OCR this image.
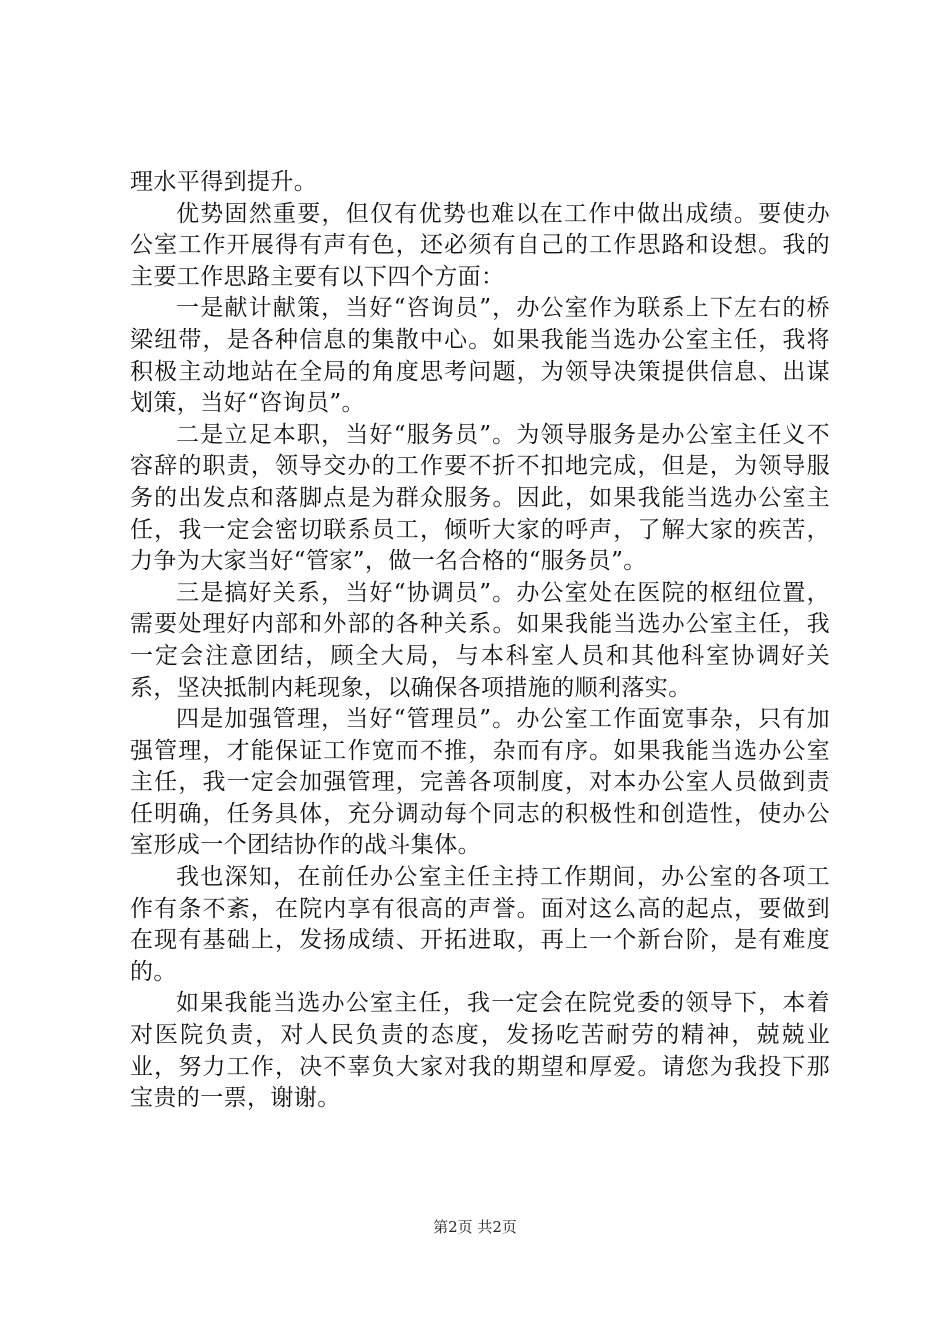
理水平得到提升。

优势固然重要，但仅有优势也难以在工作中做出成绩。要使办公室工作开展得有声有色，还必须有自己的工作思路和设想。我的主要工作思路主要有以下四个方面：

一是献计献策，当好“咨询员”，办公室作为联系上下左右的桥梁纽带，是各种信息的集散中心。如果我能当选办公室主任，我将积极主动地站在全局的角度思考问题，为领导决策提供信息、出谋划策，当好“咨询员”。

二是立足本职，当好“服务员”。为领导服务是办公室主任义不容辞的职责，领导交办的工作要不折不扣地完成，但是，为领导服务的出发点和落脚点是为群众服务。因此，如果我能当选办公室主任，我一定会密切联系员工，倾听大家的呼声，了解大家的疾苦，力争为大家当好“管家”，做一名合格的“服务员”。

三是搞好关系，当好“协调员”。办公室处在医院的枢纽位置，需要处理好内部和外部的各种关系。如果我能当选办公室主任，我一定会注意团结，顾全大局，与本科室人员和其他科室协调好关系，坚决抵制内耗现象，以确保各项措施的顺利落实。

四是加强管理，当好“管理员”。办公室工作面宽事杂，只有加强管理，才能保证工作宽而不推，杂而有序。如果我能当选办公室主任，我一定会加强管理，完善各项制度，对本办公室人员做到责任明确，任务具体，充分调动每个同志的积极性和创造性，使办公室形成一个团结协作的战斗集体。

我也深知，在前任办公室主任主持工作期间，办公室的各项工作有条不紊，在院内享有很高的声誉。面对这么高的起点，要做到在现有基础上，发扬成绩、开拓进取，再上一个新台阶，是有难度的。

如果我能当选办公室主任，我一定会在院党委的领导下，本着对医院负责，对人民负责的态度，发扬吃苦耐劳的精神，兢兢业业，努力工作，决不辜负大家对我的期望和厚爱。请您为我投下那宝贵的一票，谢谢。

第2页 共2页
